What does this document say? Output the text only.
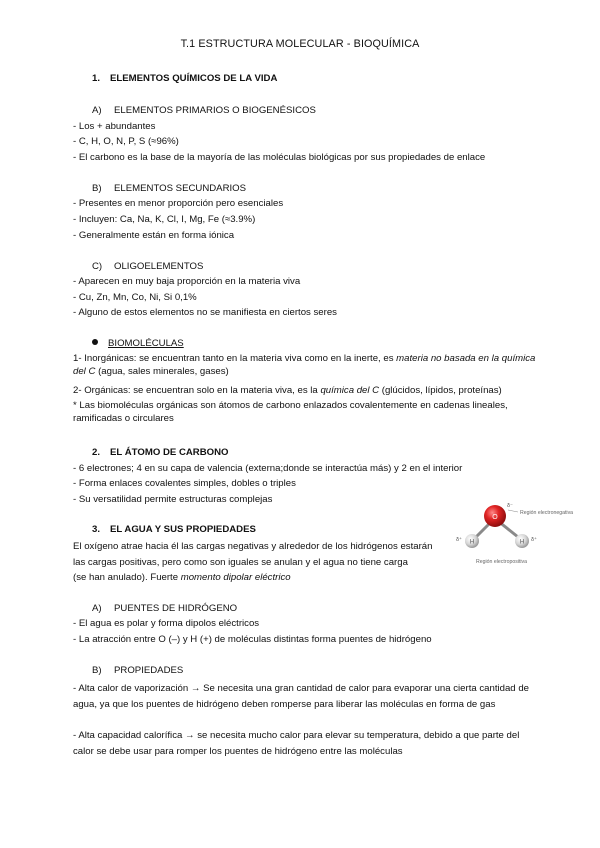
T.1 ESTRUCTURA MOLECULAR - BIOQUÍMICA
1. ELEMENTOS QUÍMICOS DE LA VIDA
A) ELEMENTOS PRIMARIOS O BIOGENÉSICOS
- Los + abundantes
- C, H, O, N, P, S (≈96%)
- El carbono es la base de la mayoría de las moléculas biológicas por sus propiedades de enlace
B) ELEMENTOS SECUNDARIOS
- Presentes en menor proporción pero esenciales
- Incluyen: Ca, Na, K, Cl, I, Mg, Fe (≈3.9%)
- Generalmente están en forma iónica
C) OLIGOELEMENTOS
- Aparecen en muy baja proporción en la materia viva
- Cu, Zn, Mn, Co, Ni, Si 0,1%
- Alguno de estos elementos no se manifiesta en ciertos seres
BIOMOLÉCULAS
1- Inorgánicas: se encuentran tanto en la materia viva como en la inerte, es materia no basada en la química del C (agua, sales minerales, gases)
2- Orgánicas: se encuentran solo en la materia viva, es la química del C (glúcidos, lípidos, proteínas)
* Las biomoléculas orgánicas son átomos de carbono enlazados covalentemente en cadenas lineales, ramificadas o circulares
2. EL ÁTOMO DE CARBONO
- 6 electrones; 4 en su capa de valencia (externa;donde se interactúa más) y 2 en el interior
- Forma enlaces covalentes simples, dobles o triples
- Su versatilidad permite estructuras complejas
3. EL AGUA Y SUS PROPIEDADES
El oxígeno atrae hacia él las cargas negativas y alrededor de los hidrógenos estarán
las cargas positivas, pero como son iguales se anulan y el agua no tiene carga
(se han anulado). Fuerte momento dipolar eléctrico
O
H	H
δ⁻
δ⁺	δ⁺
Región electronegativa
Región electropositiva
A) PUENTES DE HIDRÓGENO
- El agua es polar y forma dipolos eléctricos
- La atracción entre O (–) y H (+) de moléculas distintas forma puentes de hidrógeno
B) PROPIEDADES
- Alta calor de vaporización → Se necesita una gran cantidad de calor para evaporar una cierta cantidad de agua, ya que los puentes de hidrógeno deben romperse para liberar las moléculas en forma de gas
- Alta capacidad calorífica → se necesita mucho calor para elevar su temperatura, debido a que parte del calor se debe usar para romper los puentes de hidrógeno entre las moléculas
